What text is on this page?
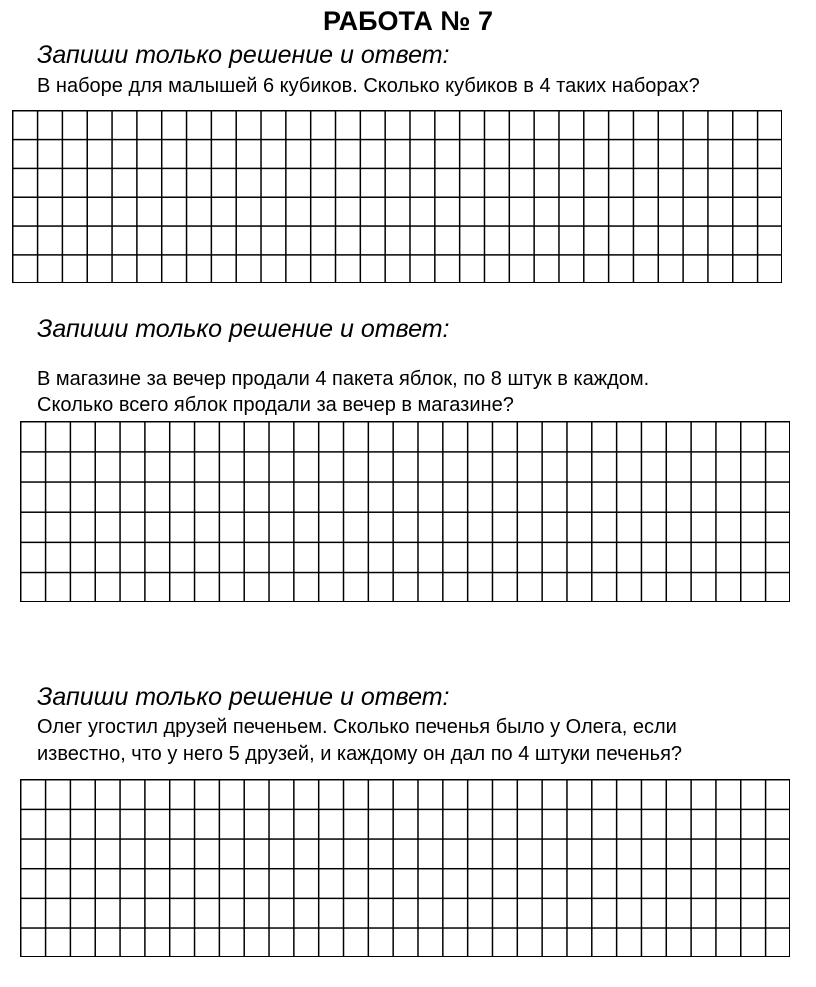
РАБОТА № 7
Запиши только решение и ответ:
В наборе для малышей 6 кубиков. Сколько кубиков в 4 таких наборах?
Запиши только решение и ответ:
В магазине за вечер продали 4 пакета яблок, по 8 штук в каждом.
Сколько всего яблок продали за вечер в магазине?
Запиши только решение и ответ:
Олег угостил друзей печеньем. Сколько печенья было у Олега, если
известно, что у него 5 друзей, и каждому он дал по 4 штуки печенья?
